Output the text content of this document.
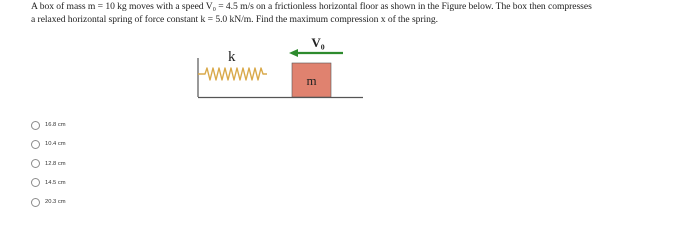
A box of mass m = 10 kg moves with a speed V₀ = 4.5 m/s on a frictionless horizontal floor as shown in the Figure below. The box then compresses

a relaxed horizontal spring of force constant k = 5.0 kN/m. Find the maximum compression x of the spring.

k
m
V₀
16.8 cm
10.4 cm
12.8 cm
14.5 cm
20.3 cm
